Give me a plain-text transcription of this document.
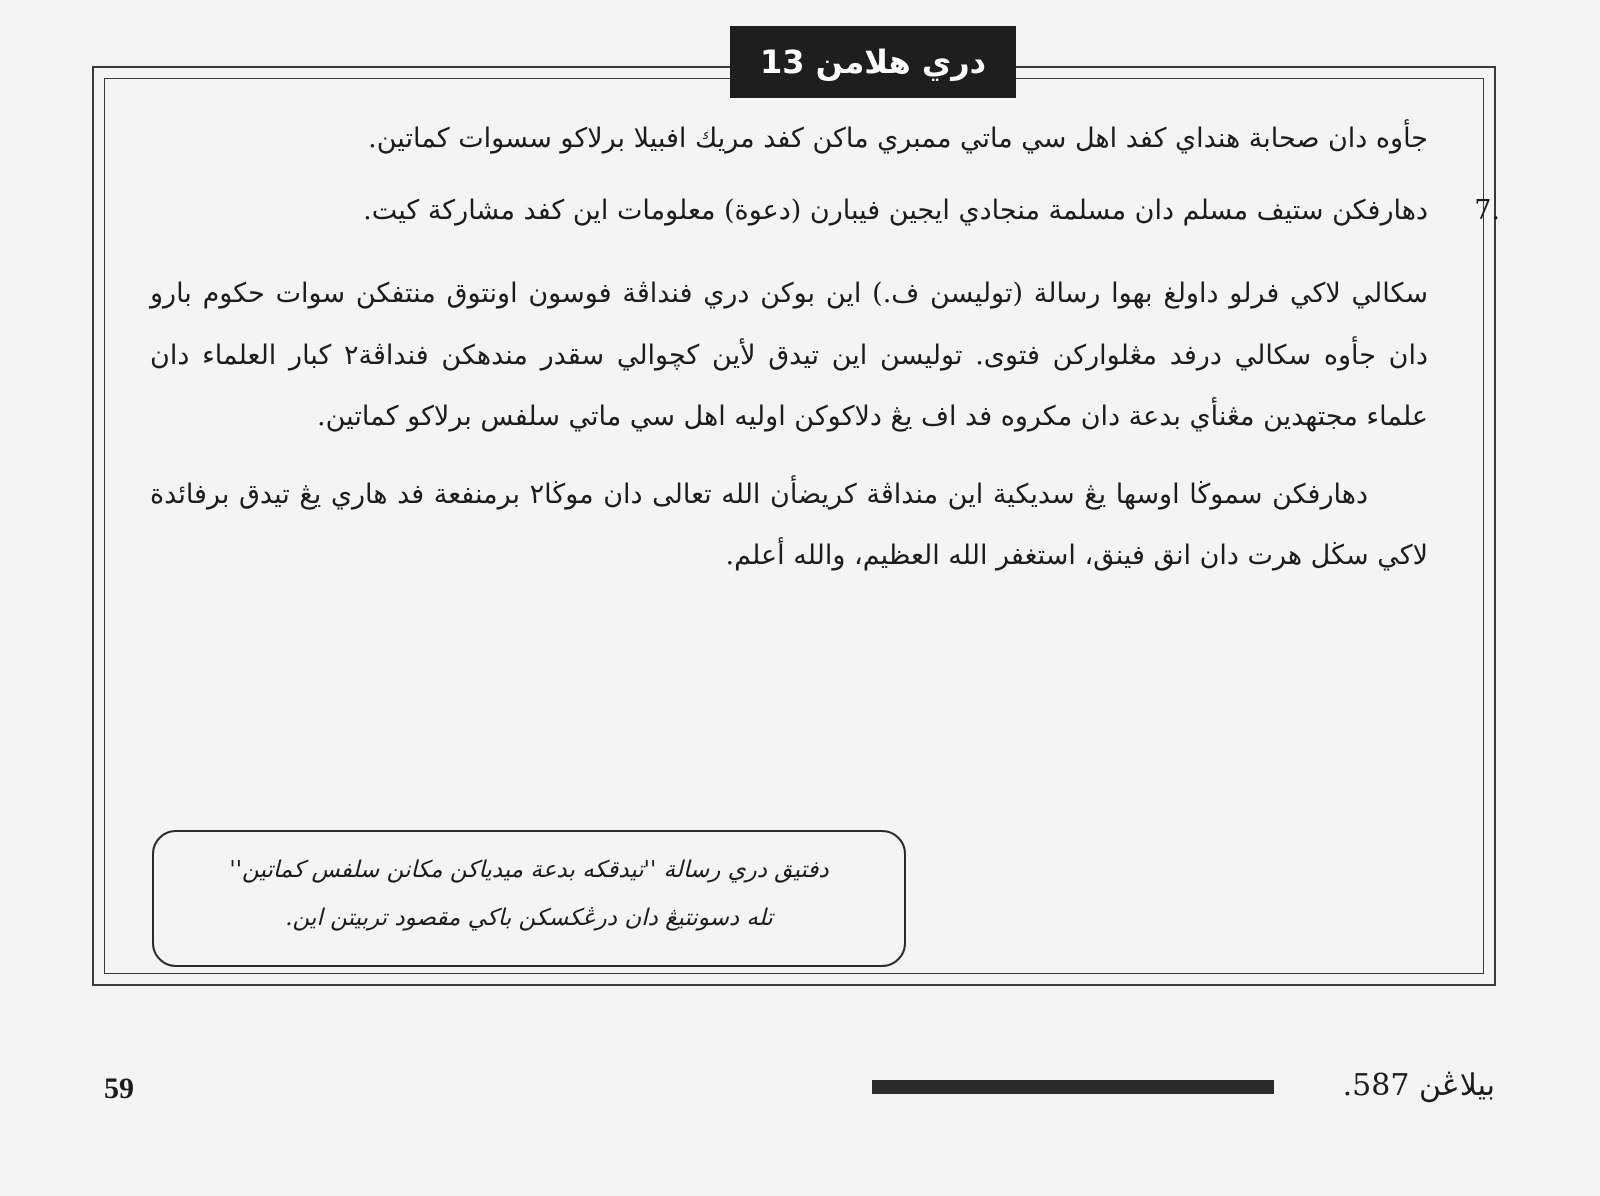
دري هلامن 13

جأوه دان صحابة هنداي كفد اهل سي ماتي ممبري ماكن كفد مريك افبيلا برلاكو سسوات كماتين.

7.
دهارفكن ستيف مسلم دان مسلمة منجادي ايجين فيبارن (دعوة) معلومات اين كفد مشاركة كيت.

سكالي لاكي فرلو داولغ بهوا رسالة (توليسن ف.) اين بوكن دري فنداڤة فوسون اونتوق منتفكن سوات حكوم بارو دان جأوه سكالي درفد مڠلواركن فتوى. توليسن اين تيدق لأين كچوالي سقدر مندهكن فنداڤة٢ كبار العلماء دان علماء مجتهدين مڠنأي بدعة دان مكروه فد اف يڠ دلاكوكن اوليه اهل سي ماتي سلفس برلاكو كماتين.

دهارفكن سموڬا اوسها يڠ سديكية اين منداڤة كريضأن الله تعالى دان موڬا٢ برمنفعة فد هاري يڠ تيدق برفائدة لاكي سڬل هرت دان انق فينق، استغفر الله العظيم، والله أعلم.

دفتيق دري رسالة ''تيدقكه بدعة ميدياكن مكانن سلفس كماتين''
تله دسونتيڠ دان درڠكسكن باكي مقصود تربيتن اين.
59	بيلاڠن 587.
